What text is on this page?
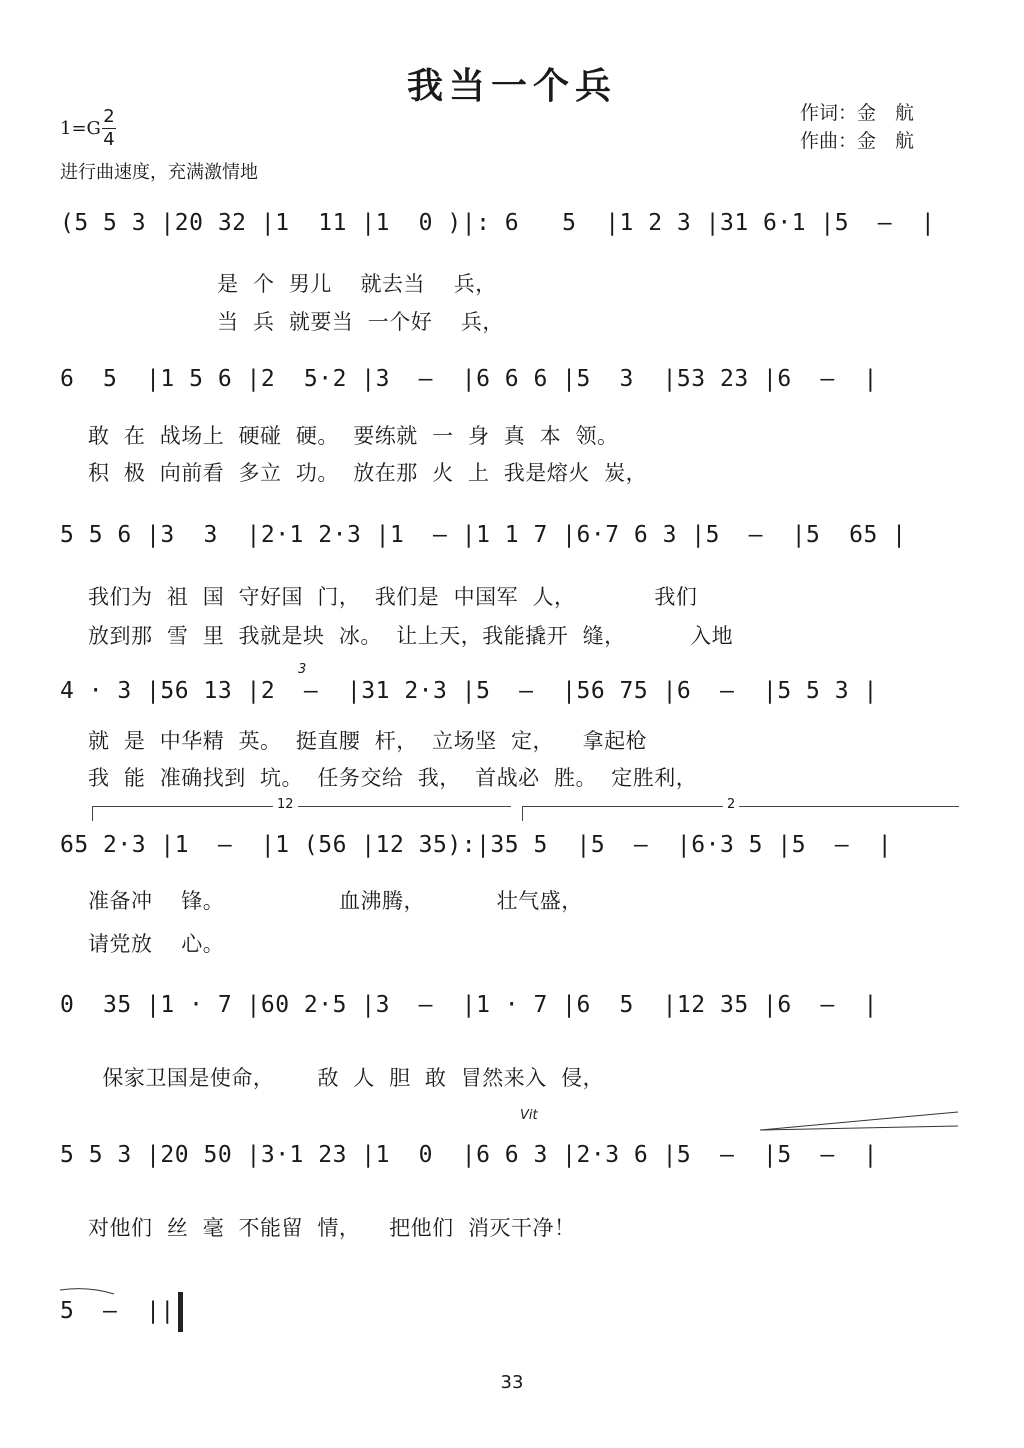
我当一个兵
作词：金　航
作曲：金　航
1=G
2
4
进行曲速度，充满激情地
(5 5 3 |20 32 |1  11 |1  0 )|: 6   5  |1 2 3 |31 6·1 |5  —  |
是  个  男儿    就去当    兵，
当  兵  就要当  一个好    兵，
6  5  |1 5 6 |2  5·2 |3  —  |6 6 6 |5  3  |53 23 |6  —  |
敢  在  战场上  硬碰  硬。  要练就  一  身  真  本  领。
积  极  向前看  多立  功。  放在那  火  上  我是熔火  炭，
5 5 6 |3  3  |2·1 2·3 |1  — |1 1 7 |6·7 6 3 |5  —  |5  65 |
我们为  祖  国  守好国  门，  我们是  中国军  人，           我们
放到那  雪  里  我就是块  冰。  让上天，我能撬开  缝，         入地
4 · 3 |56 13 |2  —  |31 2·3 |5  —  |56 75 |6  —  |5 5 3 |
3
就  是  中华精  英。  挺直腰  杆，  立场坚  定，    拿起枪
我  能  准确找到  坑。  任务交给  我，  首战必  胜。  定胜利，
12	2
65 2·3 |1  —  |1 (56 |12 35):|35 5  |5  —  |6·3 5 |5  —  |
准备冲    锋。                血沸腾，          壮气盛，
请党放    心。
0  35 |1 · 7 |60 2·5 |3  —  |1 · 7 |6  5  |12 35 |6  —  |
保家卫国是使命，      敌  人  胆  敢  冒然来入  侵，
Vit
5 5 3 |20 50 |3·1 23 |1  0  |6 6 3 |2·3 6 |5  —  |5  —  |
对他们  丝  毫  不能留  情，    把他们  消灭干净！
5  —  ||
33
